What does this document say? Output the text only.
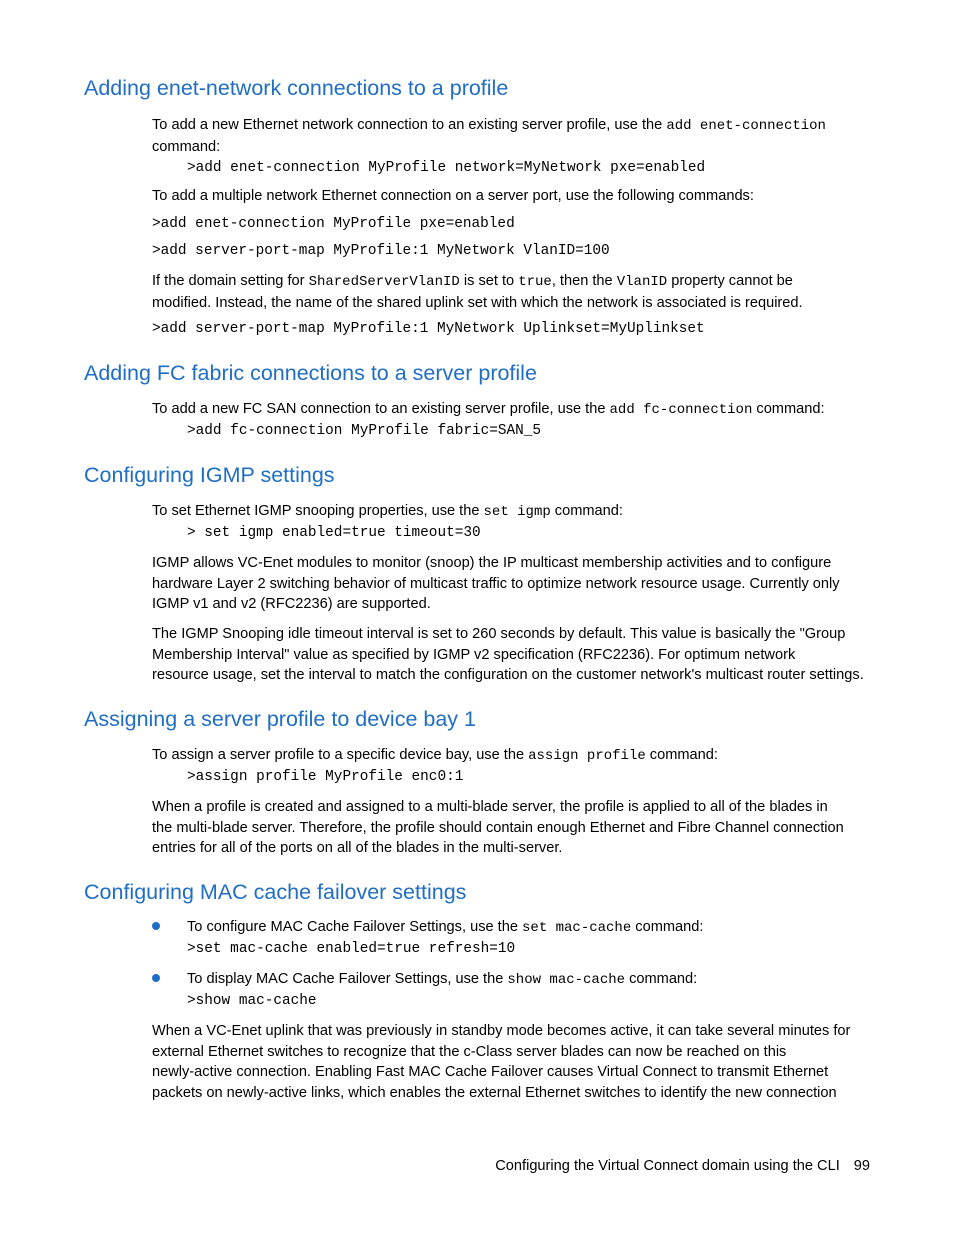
Adding enet-network connections to a profile

To add a new Ethernet network connection to an existing server profile, use the add enet-connection
command:

>add enet-connection MyProfile network=MyNetwork pxe=enabled

To add a multiple network Ethernet connection on a server port, use the following commands:

>add enet-connection MyProfile pxe=enabled
>add server-port-map MyProfile:1 MyNetwork VlanID=100

If the domain setting for SharedServerVlanID is set to true, then the VlanID property cannot be
modified. Instead, the name of the shared uplink set with which the network is associated is required.

>add server-port-map MyProfile:1 MyNetwork Uplinkset=MyUplinkset
Adding FC fabric connections to a server profile

To add a new FC SAN connection to an existing server profile, use the add fc-connection command:

>add fc-connection MyProfile fabric=SAN_5
Configuring IGMP settings

To set Ethernet IGMP snooping properties, use the set igmp command:

> set igmp enabled=true timeout=30

IGMP allows VC-Enet modules to monitor (snoop) the IP multicast membership activities and to configure
hardware Layer 2 switching behavior of multicast traffic to optimize network resource usage. Currently only
IGMP v1 and v2 (RFC2236) are supported.

The IGMP Snooping idle timeout interval is set to 260 seconds by default. This value is basically the "Group
Membership Interval" value as specified by IGMP v2 specification (RFC2236). For optimum network
resource usage, set the interval to match the configuration on the customer network's multicast router settings.

Assigning a server profile to device bay 1

To assign a server profile to a specific device bay, use the assign profile command:

>assign profile MyProfile enc0:1

When a profile is created and assigned to a multi-blade server, the profile is applied to all of the blades in
the multi-blade server. Therefore, the profile should contain enough Ethernet and Fibre Channel connection
entries for all of the ports on all of the blades in the multi-server.

Configuring MAC cache failover settings

To configure MAC Cache Failover Settings, use the set mac-cache command:

>set mac-cache enabled=true refresh=10

To display MAC Cache Failover Settings, use the show mac-cache command:

>show mac-cache

When a VC-Enet uplink that was previously in standby mode becomes active, it can take several minutes for
external Ethernet switches to recognize that the c-Class server blades can now be reached on this
newly-active connection. Enabling Fast MAC Cache Failover causes Virtual Connect to transmit Ethernet
packets on newly-active links, which enables the external Ethernet switches to identify the new connection

Configuring the Virtual Connect domain using the CLI 99
